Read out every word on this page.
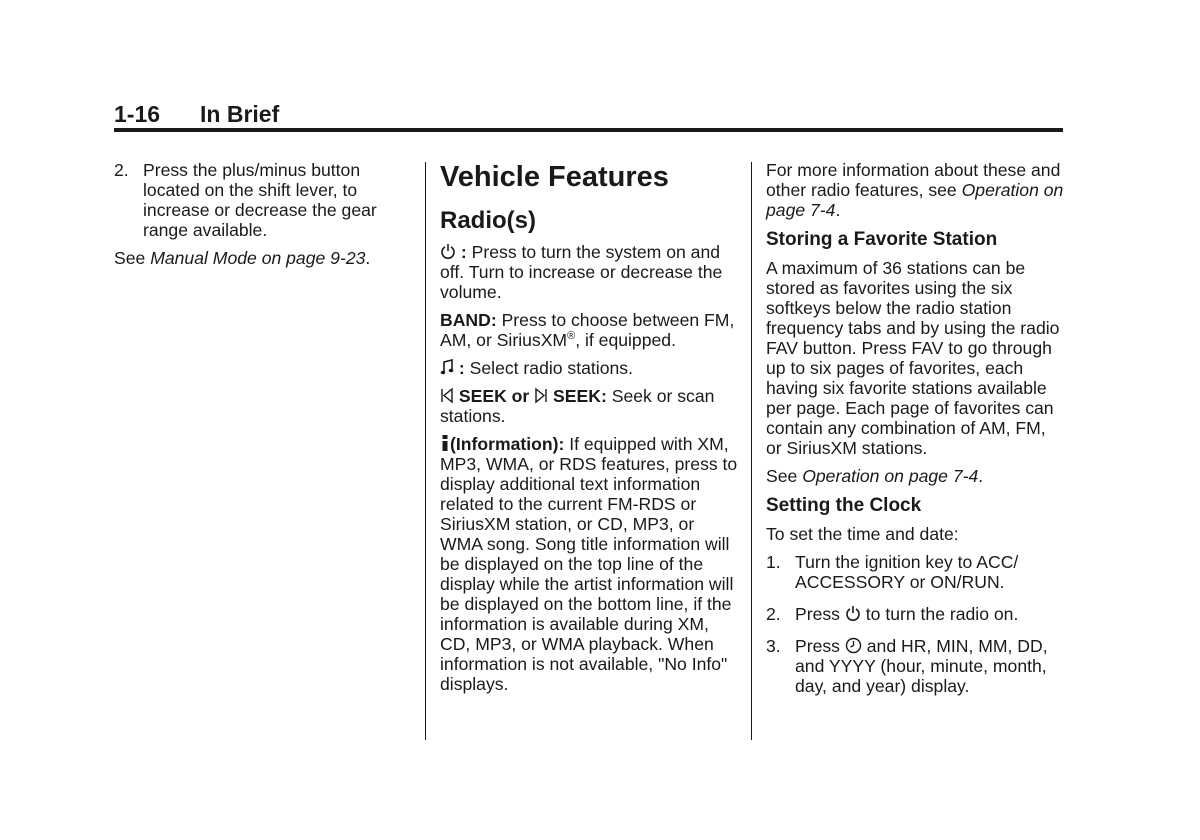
1-16 In Brief
2. Press the plus/minus button located on the shift lever, to increase or decrease the gear range available.

See Manual Mode on page 9-23.

Vehicle Features
Radio(s)

: Press to turn the system on and off. Turn to increase or decrease the volume.

BAND: Press to choose between FM, AM, or SiriusXM®, if equipped.

: Select radio stations.

SEEK or  SEEK: Seek or scan stations.

(Information): If equipped with XM, MP3, WMA, or RDS features, press to display additional text information related to the current FM-RDS or SiriusXM station, or CD, MP3, or WMA song. Song title information will be displayed on the top line of the display while the artist information will be displayed on the bottom line, if the information is available during XM, CD, MP3, or WMA playback. When information is not available, "No Info" displays.

For more information about these and other radio features, see Operation on page 7-4.

Storing a Favorite Station

A maximum of 36 stations can be stored as favorites using the six softkeys below the radio station frequency tabs and by using the radio FAV button. Press FAV to go through up to six pages of favorites, each having six favorite stations available per page. Each page of favorites can contain any combination of AM, FM, or SiriusXM stations.

See Operation on page 7-4.

Setting the Clock

To set the time and date:

1. Turn the ignition key to ACC/ ACCESSORY or ON/RUN.
2. Press  to turn the radio on.
3. Press  and HR, MIN, MM, DD, and YYYY (hour, minute, month, day, and year) display.
